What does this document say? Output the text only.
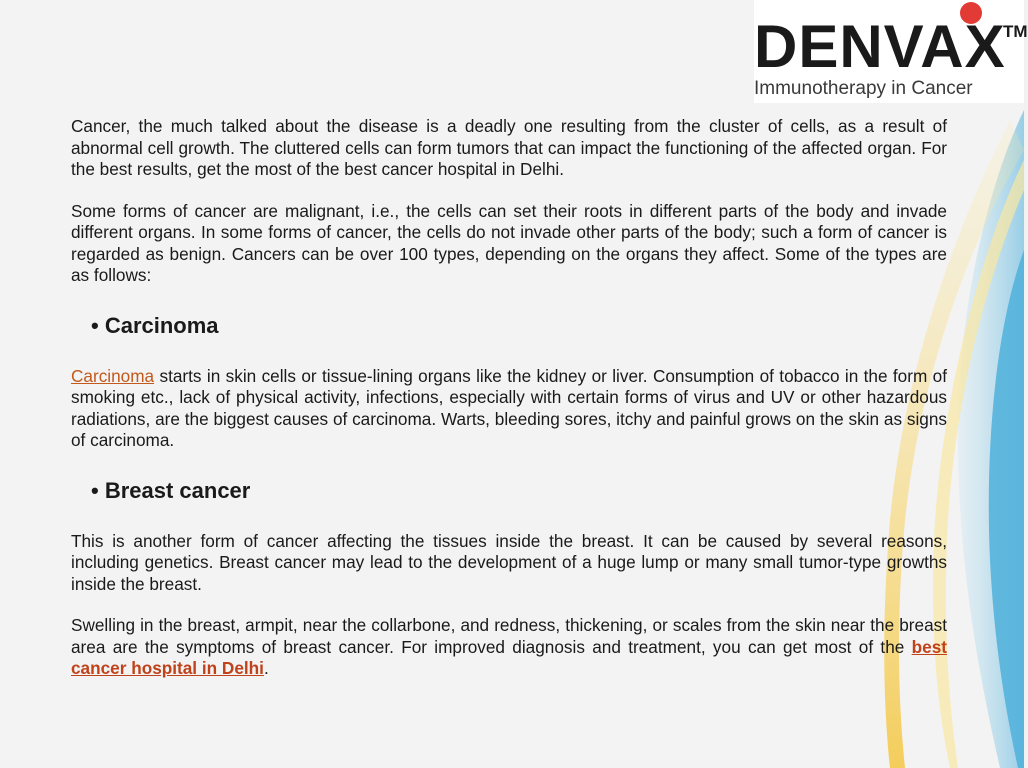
DENVAX
TM
Immunotherapy in Cancer

Cancer, the much talked about the disease is a deadly one resulting from the cluster of cells, as a result of abnormal cell growth. The cluttered cells can form tumors that can impact the functioning of the affected organ. For the best results, get the most of the best cancer hospital in Delhi.

Some forms of cancer are malignant, i.e., the cells can set their roots in different parts of the body and invade different organs. In some forms of cancer, the cells do not invade other parts of the body; such a form of cancer is regarded as benign. Cancers can be over 100 types, depending on the organs they affect. Some of the types are as follows:

• Carcinoma

Carcinoma starts in skin cells or tissue-lining organs like the kidney or liver. Consumption of tobacco in the form of smoking etc., lack of physical activity, infections, especially with certain forms of virus and UV or other hazardous radiations, are the biggest causes of carcinoma. Warts, bleeding sores, itchy and painful grows on the skin as signs of carcinoma.

• Breast cancer

This is another form of cancer affecting the tissues inside the breast. It can be caused by several reasons, including genetics. Breast cancer may lead to the development of a huge lump or many small tumor-type growths inside the breast.

Swelling in the breast, armpit, near the collarbone, and redness, thickening, or scales from the skin near the breast area are the symptoms of breast cancer. For improved diagnosis and treatment, you can get most of the best cancer hospital in Delhi.
